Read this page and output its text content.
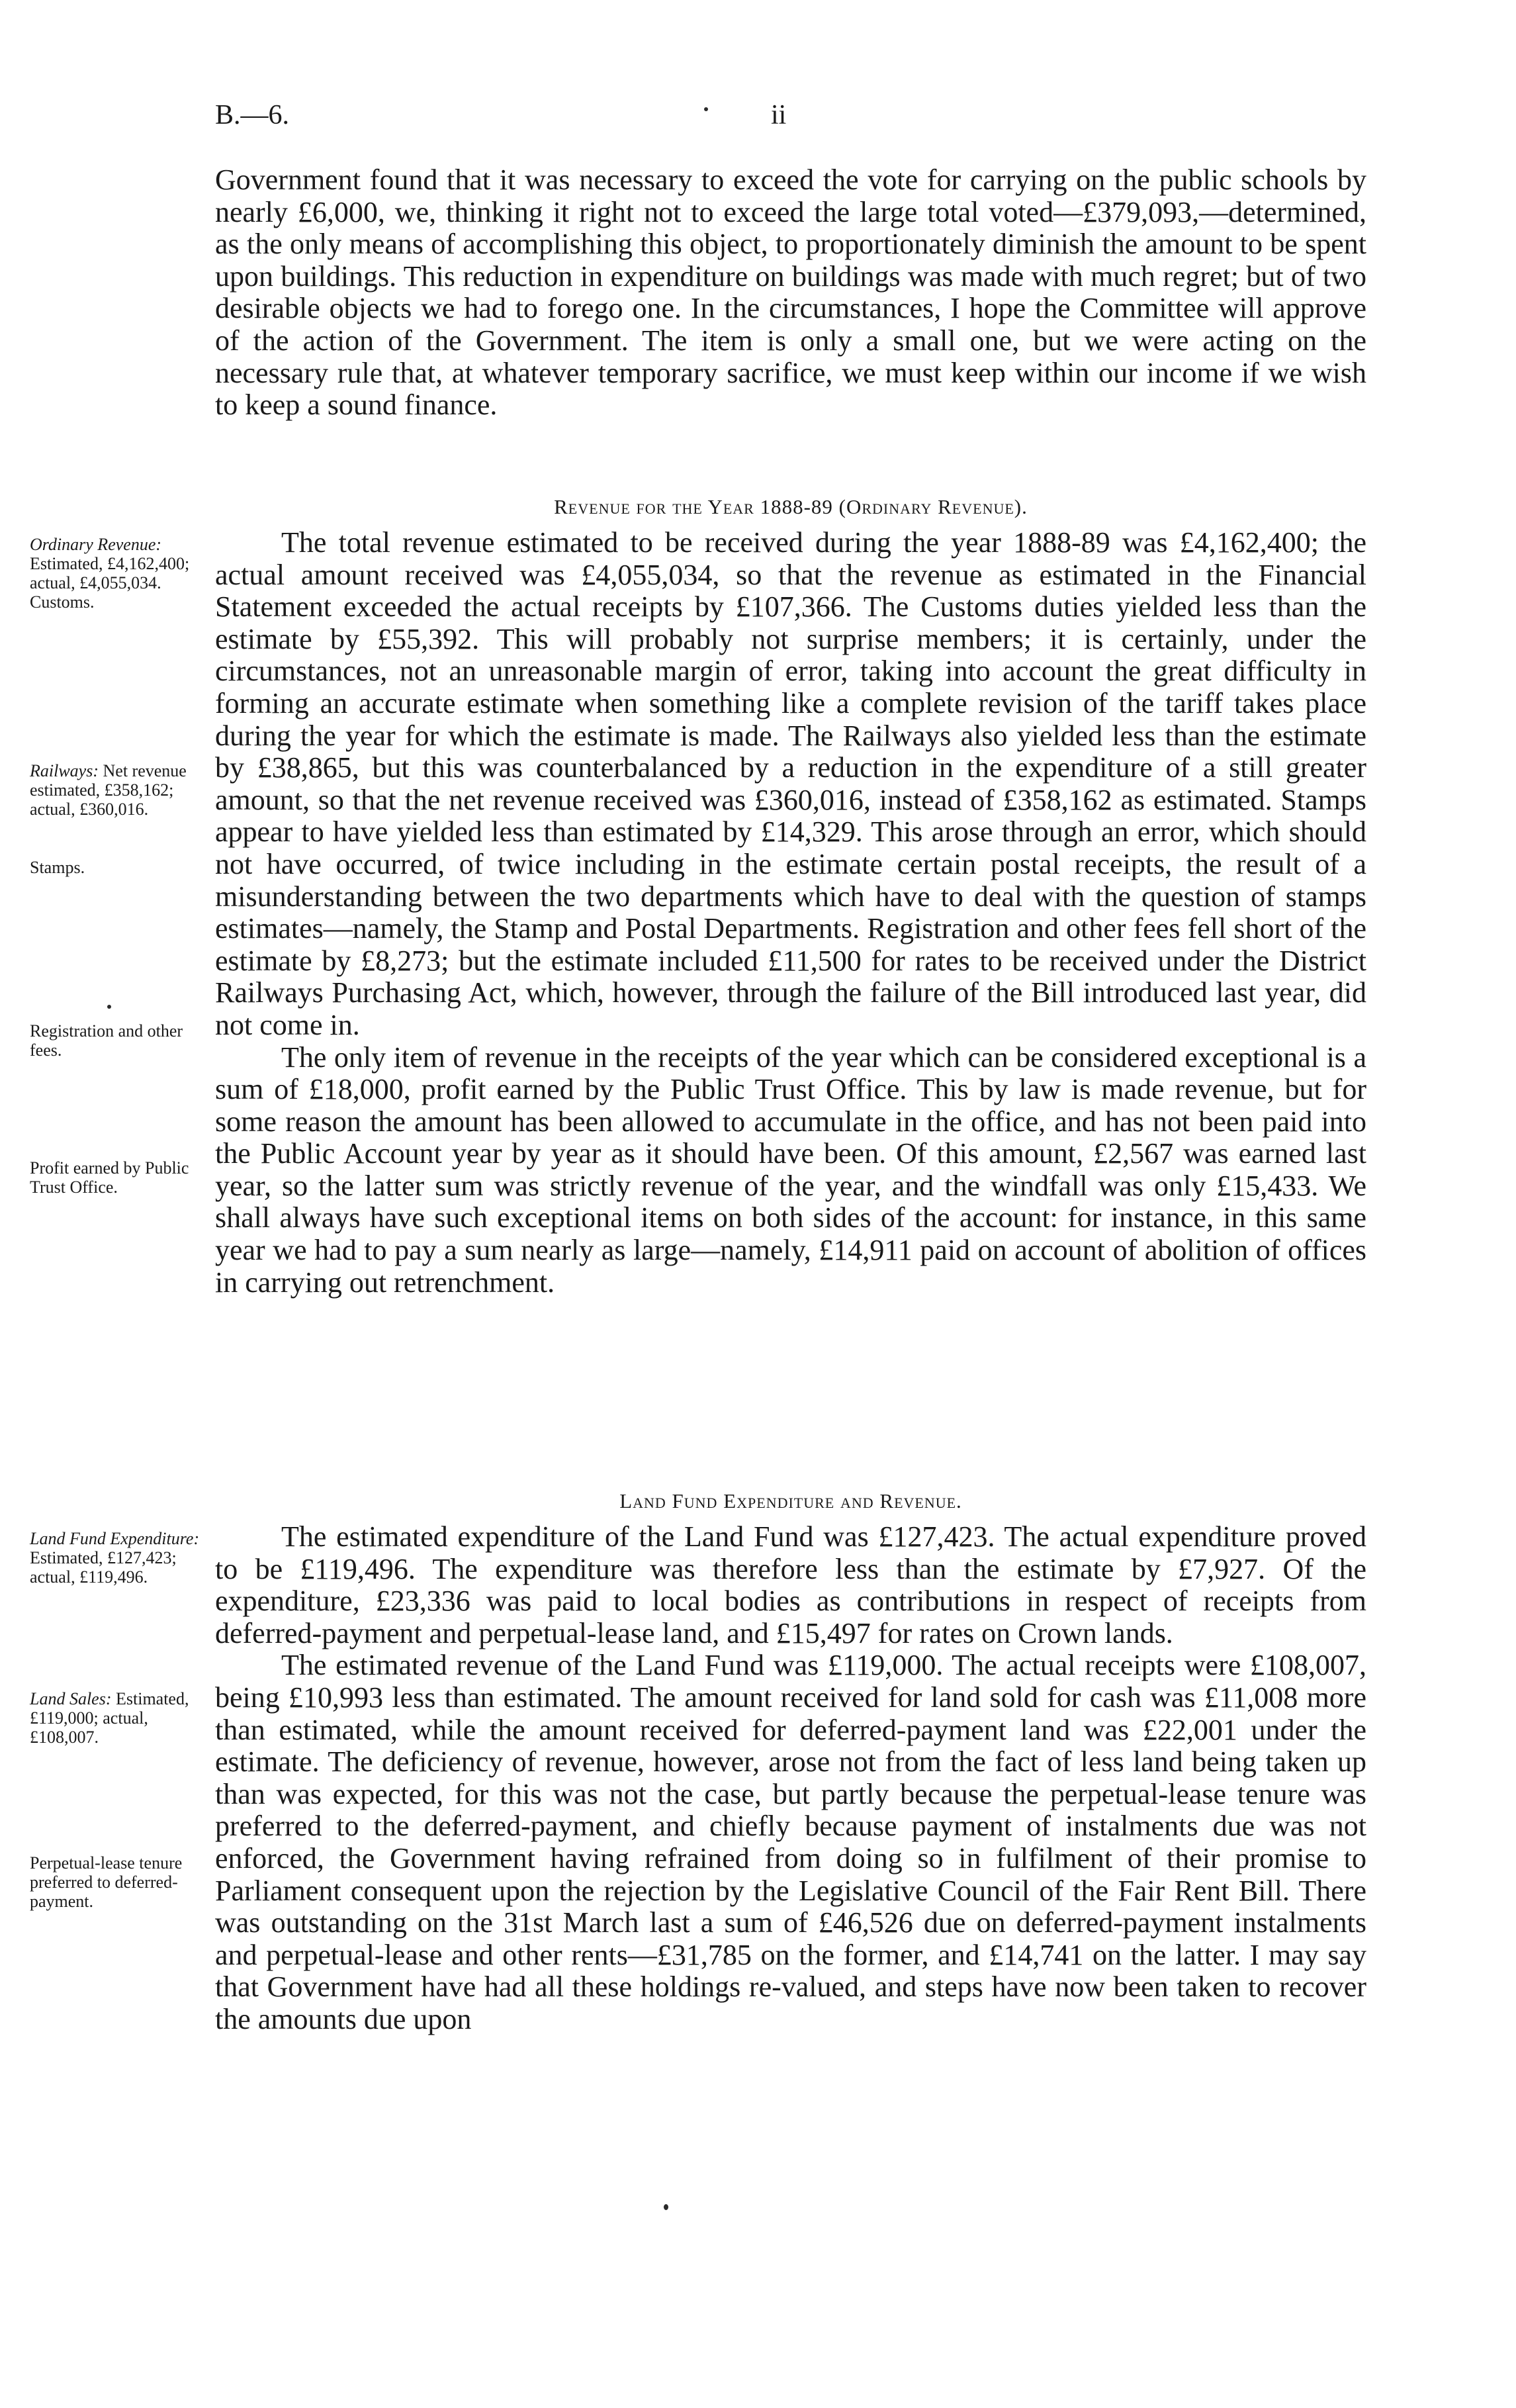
B.—6.	ii

Government found that it was necessary to exceed the vote for carrying on the public schools by nearly £6,000, we, thinking it right not to exceed the large total voted—£379,093,—determined, as the only means of accomplishing this object, to proportionately diminish the amount to be spent upon buildings. This reduction in expenditure on buildings was made with much regret; but of two desirable objects we had to forego one. In the circumstances, I hope the Committee will approve of the action of the Government. The item is only a small one, but we were acting on the necessary rule that, at whatever temporary sacrifice, we must keep within our income if we wish to keep a sound finance.

Revenue for the Year 1888-89 (Ordinary Revenue).

The total revenue estimated to be received during the year 1888-89 was £4,162,400; the actual amount received was £4,055,034, so that the revenue as estimated in the Financial Statement exceeded the actual receipts by £107,366. The Customs duties yielded less than the estimate by £55,392. This will probably not surprise members; it is certainly, under the circumstances, not an unreasonable margin of error, taking into account the great difficulty in forming an accurate estimate when something like a complete revision of the tariff takes place during the year for which the estimate is made. The Railways also yielded less than the estimate by £38,865, but this was counterbalanced by a reduction in the expenditure of a still greater amount, so that the net revenue received was £360,016, instead of £358,162 as estimated. Stamps appear to have yielded less than estimated by £14,329. This arose through an error, which should not have occurred, of twice including in the estimate certain postal receipts, the result of a misunderstanding between the two departments which have to deal with the question of stamps estimates—namely, the Stamp and Postal Departments. Registration and other fees fell short of the estimate by £8,273; but the estimate included £11,500 for rates to be received under the District Railways Purchasing Act, which, however, through the failure of the Bill introduced last year, did not come in.

The only item of revenue in the receipts of the year which can be considered exceptional is a sum of £18,000, profit earned by the Public Trust Office. This by law is made revenue, but for some reason the amount has been allowed to accumulate in the office, and has not been paid into the Public Account year by year as it should have been. Of this amount, £2,567 was earned last year, so the latter sum was strictly revenue of the year, and the windfall was only £15,433. We shall always have such exceptional items on both sides of the account: for instance, in this same year we had to pay a sum nearly as large—namely, £14,911 paid on account of abolition of offices in carrying out retrenchment.

Ordinary Revenue: Estimated, £4,162,400; actual, £4,055,034. Customs.
Railways: Net revenue estimated, £358,162; actual, £360,016.
Stamps.
Registration and other fees.
Profit earned by Public Trust Office.
Land Fund Expenditure and Revenue.

The estimated expenditure of the Land Fund was £127,423. The actual expenditure proved to be £119,496. The expenditure was therefore less than the estimate by £7,927. Of the expenditure, £23,336 was paid to local bodies as contributions in respect of receipts from deferred-payment and perpetual-lease land, and £15,497 for rates on Crown lands.

The estimated revenue of the Land Fund was £119,000. The actual receipts were £108,007, being £10,993 less than estimated. The amount received for land sold for cash was £11,008 more than estimated, while the amount received for deferred-payment land was £22,001 under the estimate. The deficiency of revenue, however, arose not from the fact of less land being taken up than was expected, for this was not the case, but partly because the perpetual-lease tenure was preferred to the deferred-payment, and chiefly because payment of instalments due was not enforced, the Government having refrained from doing so in fulfilment of their promise to Parliament consequent upon the rejection by the Legislative Council of the Fair Rent Bill. There was outstanding on the 31st March last a sum of £46,526 due on deferred-payment instalments and perpetual-lease and other rents—£31,785 on the former, and £14,741 on the latter. I may say that Government have had all these holdings re-valued, and steps have now been taken to recover the amounts due upon

Land Fund Expenditure: Estimated, £127,423; actual, £119,496.
Land Sales: Estimated, £119,000; actual, £108,007.
Perpetual-lease tenure preferred to deferred-payment.
